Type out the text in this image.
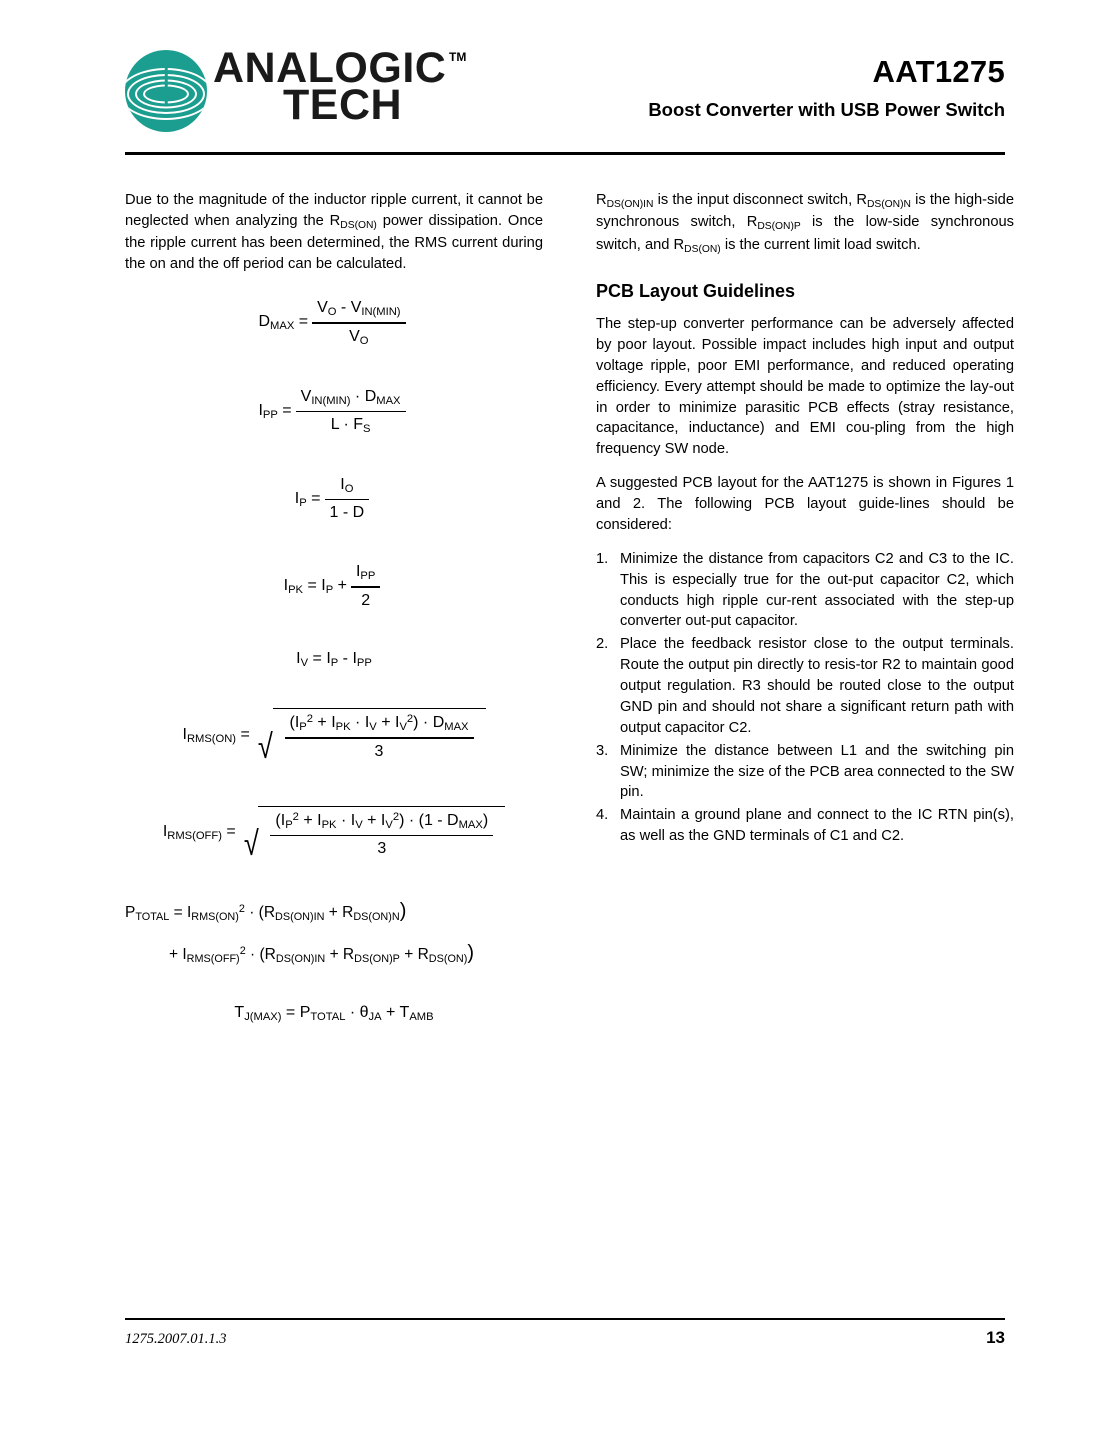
ANALOGIC
TECH
TM	AAT1275
Boost Converter with USB Power Switch

Due to the magnitude of the inductor ripple current, it cannot be neglected when analyzing the $R_{DS(ON)}$ power dissipation. Once the ripple current has been determined, the RMS current during the on and the off period can be calculated.

$D_{MAX} = \frac{V_O - V_{IN(MIN)}}{V_O}$
$I_{PP} = \frac{V_{IN(MIN)} \cdot D_{MAX}}{L \cdot F_S}$
$I_P = \frac{I_O}{1 - D}$
$I_{PK} = I_P + \frac{I_{PP}}{2}$
$I_V = I_P - I_{PP}$
$I_{RMS(ON)}$ = √ $\frac{(I_P^2 + I_{PK} \cdot I_V + I_V^2) \cdot D_{MAX}}{3}$
$I_{RMS(OFF)}$ = √ $\frac{(I_P^2 + I_{PK} \cdot I_V + I_V^2) \cdot (1 - D_{MAX})}{3}$
$P_{TOTAL} = I_{RMS(ON)}^2 \cdot (R_{DS(ON)IN} + R_{DS(ON)N})$
+ $I_{RMS(OFF)}^2 \cdot (R_{DS(ON)IN} + R_{DS(ON)P} + R_{DS(ON)})$
$T_{J(MAX)} = P_{TOTAL} \cdot \theta_{JA} + T_{AMB}$

$R_{DS(ON)IN}$ is the input disconnect switch, $R_{DS(ON)N}$ is the high-side synchronous switch, $R_{DS(ON)P}$ is the low-side synchronous switch, and $R_{DS(ON)}$ is the current limit load switch.

PCB Layout Guidelines

The step-up converter performance can be adversely affected by poor layout. Possible impact includes high input and output voltage ripple, poor EMI performance, and reduced operating efficiency. Every attempt should be made to optimize the lay-out in order to minimize parasitic PCB effects (stray resistance, capacitance, inductance) and EMI cou-pling from the high frequency SW node.

A suggested PCB layout for the AAT1275 is shown in Figures 1 and 2. The following PCB layout guide-lines should be considered:

1. Minimize the distance from capacitors C2 and C3 to the IC. This is especially true for the out-put capacitor C2, which conducts high ripple cur-rent associated with the step-up converter out-put capacitor.
2. Place the feedback resistor close to the output terminals. Route the output pin directly to resis-tor R2 to maintain good output regulation. R3 should be routed close to the output GND pin and should not share a significant return path with output capacitor C2.
3. Minimize the distance between L1 and the switching pin SW; minimize the size of the PCB area connected to the SW pin.
4. Maintain a ground plane and connect to the IC RTN pin(s), as well as the GND terminals of C1 and C2.
1275.2007.01.1.3	13
